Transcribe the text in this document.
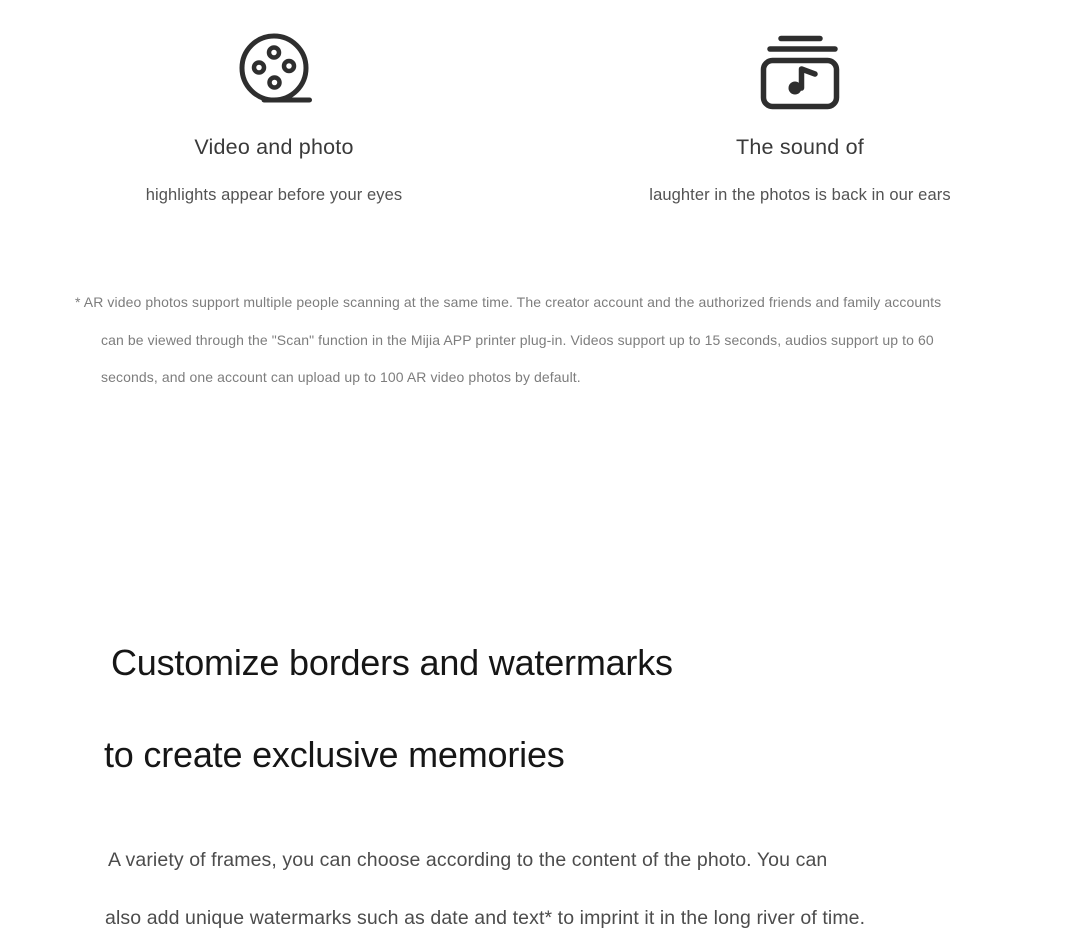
Video and photo
highlights appear before your eyes
The sound of
laughter in the photos is back in our ears
* AR video photos support multiple people scanning at the same time. The creator account and the authorized friends and family accounts
can be viewed through the "Scan" function in the Mijia APP printer plug-in. Videos support up to 15 seconds, audios support up to 60
seconds, and one account can upload up to 100 AR video photos by default.
Customize borders and watermarks
to create exclusive memories
A variety of frames, you can choose according to the content of the photo. You can
also add unique watermarks such as date and text* to imprint it in the long river of time.
